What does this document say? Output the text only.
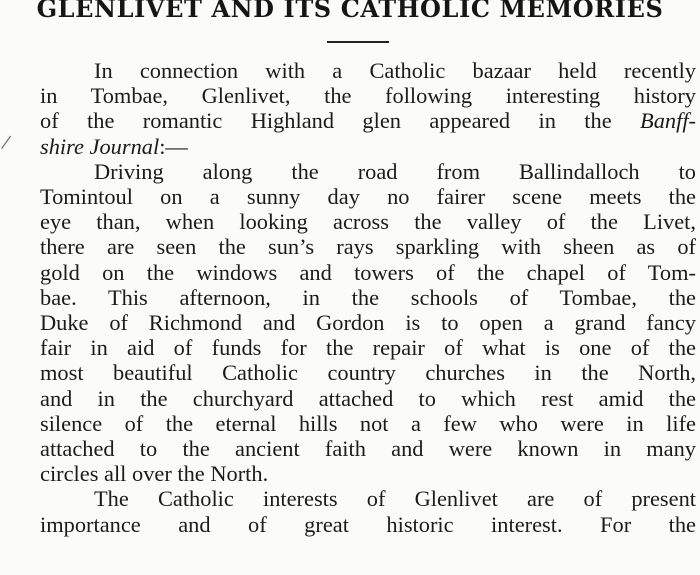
GLENLIVET AND ITS CATHOLIC MEMORIES
/
In connection with a Catholic bazaar held recently
in Tombae, Glenlivet, the following interesting history
of the romantic Highland glen appeared in the Banff-
shire Journal:—
Driving along the road from Ballindalloch to
Tomintoul on a sunny day no fairer scene meets the
eye than, when looking across the valley of the Livet,
there are seen the sun’s rays sparkling with sheen as of
gold on the windows and towers of the chapel of Tom-
bae. This afternoon, in the schools of Tombae, the
Duke of Richmond and Gordon is to open a grand fancy
fair in aid of funds for the repair of what is one of the
most beautiful Catholic country churches in the North,
and in the churchyard attached to which rest amid the
silence of the eternal hills not a few who were in life
attached to the ancient faith and were known in many
circles all over the North.
The Catholic interests of Glenlivet are of present
importance and of great historic interest. For the
